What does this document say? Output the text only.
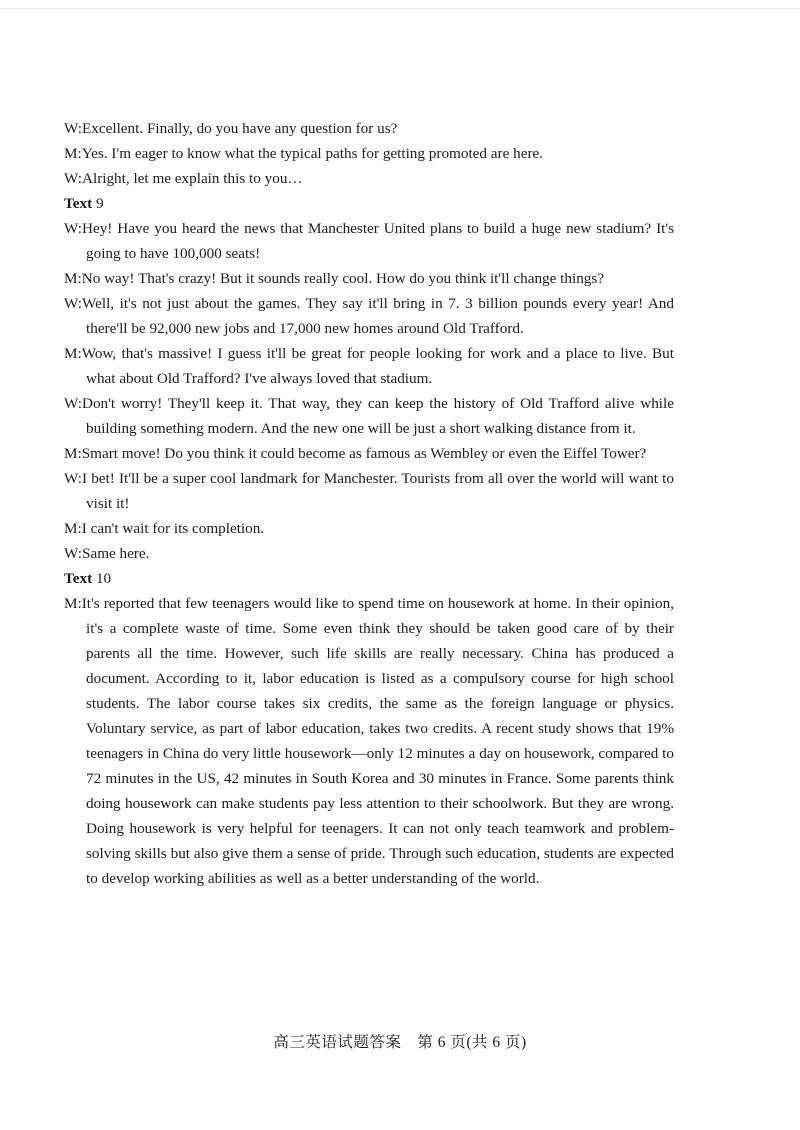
W:Excellent. Finally, do you have any question for us?

M:Yes. I'm eager to know what the typical paths for getting promoted are here.

W:Alright, let me explain this to you…

Text 9

W:Hey! Have you heard the news that Manchester United plans to build a huge new stadium? It's going to have 100,000 seats!

M:No way! That's crazy! But it sounds really cool. How do you think it'll change things?

W:Well, it's not just about the games. They say it'll bring in 7. 3 billion pounds every year! And there'll be 92,000 new jobs and 17,000 new homes around Old Trafford.

M:Wow, that's massive! I guess it'll be great for people looking for work and a place to live. But what about Old Trafford? I've always loved that stadium.

W:Don't worry! They'll keep it. That way, they can keep the history of Old Trafford alive while building something modern. And the new one will be just a short walking distance from it.

M:Smart move! Do you think it could become as famous as Wembley or even the Eiffel Tower?

W:I bet! It'll be a super cool landmark for Manchester. Tourists from all over the world will want to visit it!

M:I can't wait for its completion.

W:Same here.

Text 10

M:It's reported that few teenagers would like to spend time on housework at home. In their opinion, it's a complete waste of time. Some even think they should be taken good care of by their parents all the time. However, such life skills are really necessary. China has produced a document. According to it, labor education is listed as a compulsory course for high school students. The labor course takes six credits, the same as the foreign language or physics. Voluntary service, as part of labor education, takes two credits. A recent study shows that 19% teenagers in China do very little housework—only 12 minutes a day on housework, compared to 72 minutes in the US, 42 minutes in South Korea and 30 minutes in France. Some parents think doing housework can make students pay less attention to their schoolwork. But they are wrong. Doing housework is very helpful for teenagers. It can not only teach teamwork and problem-solving skills but also give them a sense of pride. Through such education, students are expected to develop working abilities as well as a better understanding of the world.

高三英语试题答案　第 6 页(共 6 页)
